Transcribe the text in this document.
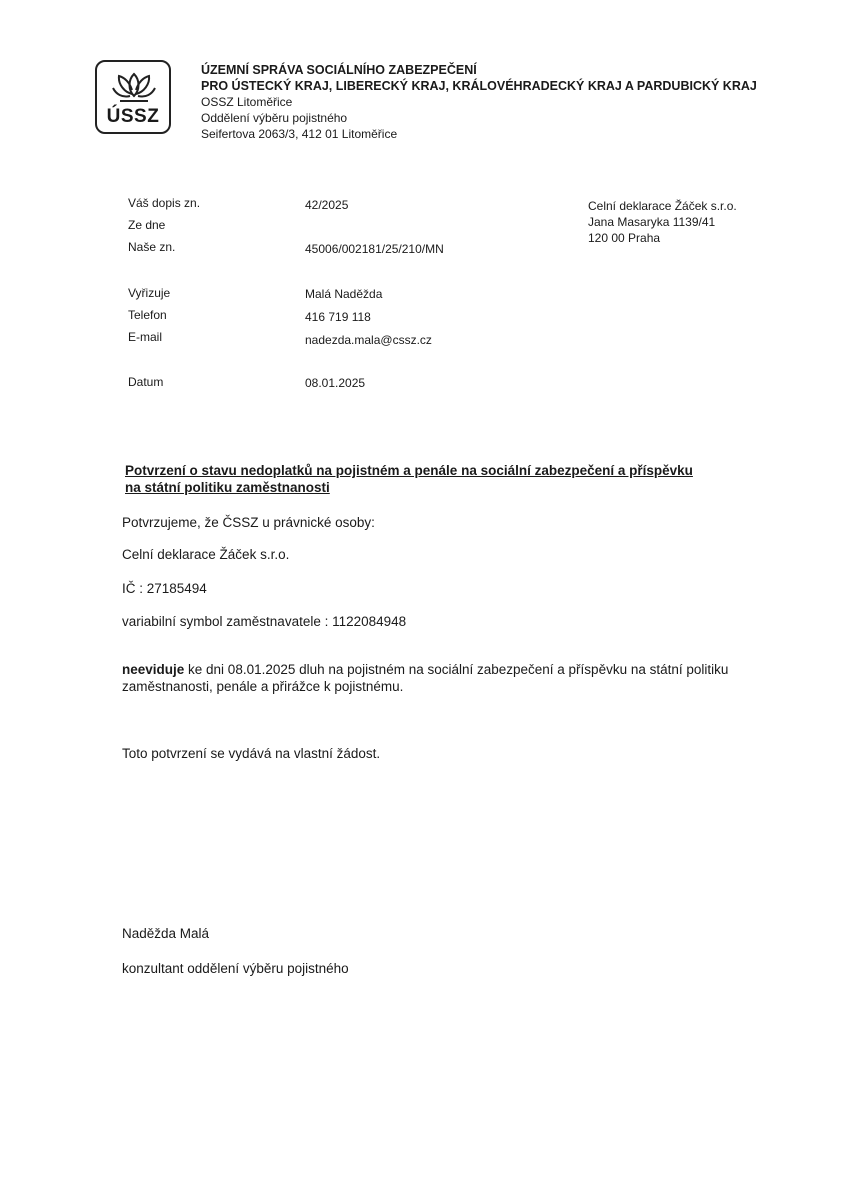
ÚSSZ
ÚZEMNÍ SPRÁVA SOCIÁLNÍHO ZABEZPEČENÍ
PRO ÚSTECKÝ KRAJ, LIBERECKÝ KRAJ, KRÁLOVÉHRADECKÝ KRAJ A PARDUBICKÝ KRAJ
OSSZ Litoměřice
Oddělení výběru pojistného
Seifertova 2063/3, 412 01 Litoměřice
Váš dopis zn.	42/2025
Ze dne
Naše zn.	45006/002181/25/210/MN
Vyřizuje	Malá Naděžda
Telefon	416 719 118
E-mail	nadezda.mala@cssz.cz
Datum	08.01.2025
Celní deklarace Žáček s.r.o.
Jana Masaryka 1139/41
120 00 Praha
Potvrzení o stavu nedoplatků na pojistném a penále na sociální zabezpečení a příspěvku
na státní politiku zaměstnanosti
Potvrzujeme, že ČSSZ u právnické osoby:
Celní deklarace Žáček s.r.o.
IČ : 27185494
variabilní symbol zaměstnavatele : 1122084948
neeviduje ke dni 08.01.2025 dluh na pojistném na sociální zabezpečení a příspěvku na státní politiku
zaměstnanosti, penále a přirážce k pojistnému.
Toto potvrzení se vydává na vlastní žádost.
Naděžda Malá
konzultant oddělení výběru pojistného
